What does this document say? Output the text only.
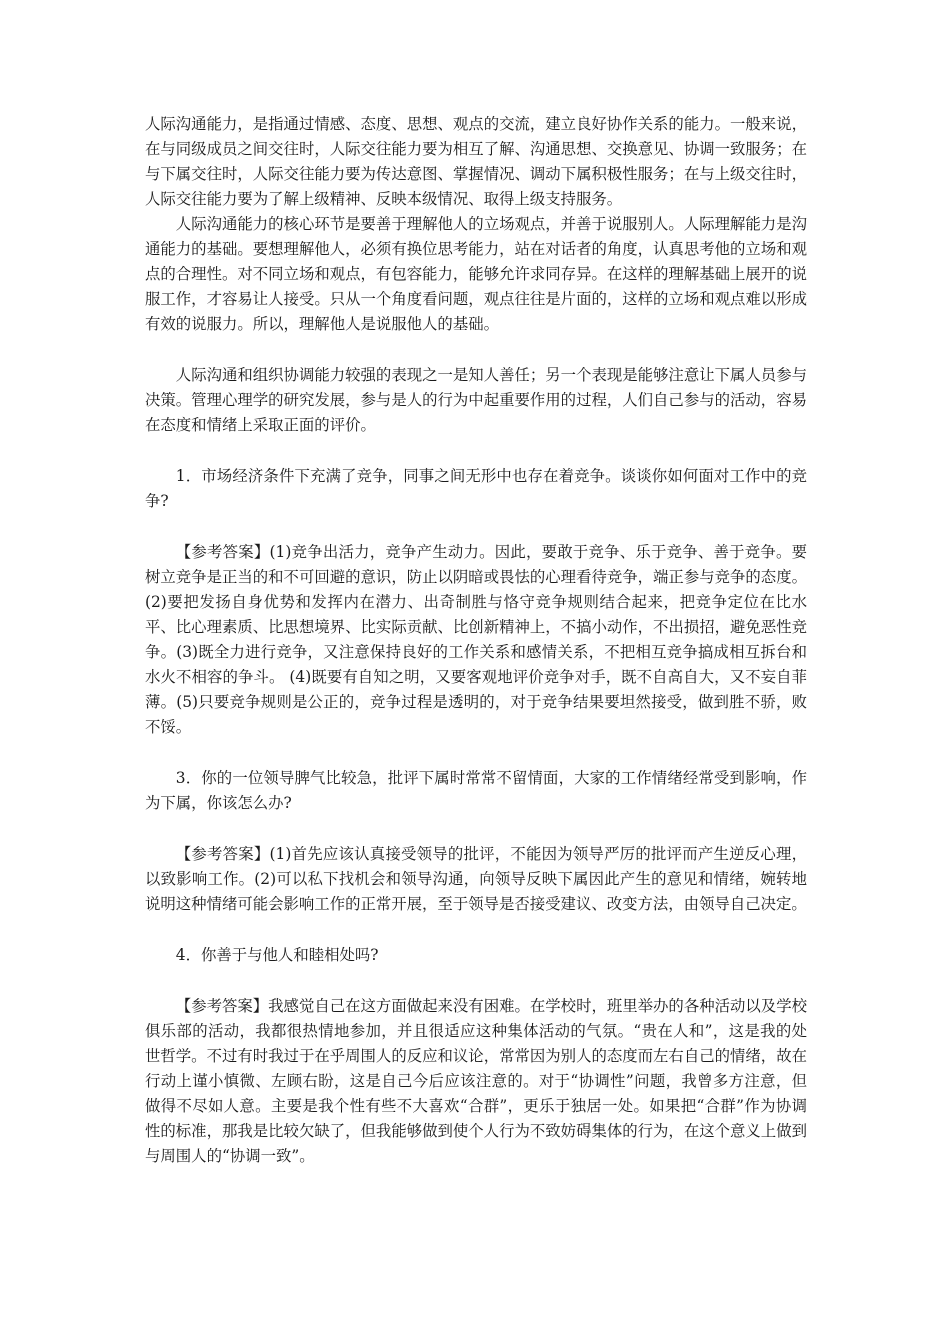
人际沟通能力，是指通过情感、态度、思想、观点的交流，建立良好协作关系的能力。一般来说，在与同级成员之间交往时，人际交往能力要为相互了解、沟通思想、交换意见、协调一致服务；在与下属交往时，人际交往能力要为传达意图、掌握情况、调动下属积极性服务；在与上级交往时，人际交往能力要为了解上级精神、反映本级情况、取得上级支持服务。

人际沟通能力的核心环节是要善于理解他人的立场观点，并善于说服别人。人际理解能力是沟通能力的基础。要想理解他人，必须有换位思考能力，站在对话者的角度，认真思考他的立场和观点的合理性。对不同立场和观点，有包容能力，能够允许求同存异。在这样的理解基础上展开的说服工作，才容易让人接受。只从一个角度看问题，观点往往是片面的，这样的立场和观点难以形成有效的说服力。所以，理解他人是说服他人的基础。

人际沟通和组织协调能力较强的表现之一是知人善任；另一个表现是能够注意让下属人员参与决策。管理心理学的研究发展，参与是人的行为中起重要作用的过程，人们自己参与的活动，容易在态度和情绪上采取正面的评价。

1．市场经济条件下充满了竞争，同事之间无形中也存在着竞争。谈谈你如何面对工作中的竞争?

【参考答案】(1)竞争出活力，竞争产生动力。因此，要敢于竞争、乐于竞争、善于竞争。要树立竞争是正当的和不可回避的意识，防止以阴暗或畏怯的心理看待竞争，端正参与竞争的态度。 (2)要把发扬自身优势和发挥内在潜力、出奇制胜与恪守竞争规则结合起来，把竞争定位在比水平、比心理素质、比思想境界、比实际贡献、比创新精神上，不搞小动作，不出损招，避免恶性竞争。(3)既全力进行竞争，又注意保持良好的工作关系和感情关系，不把相互竞争搞成相互拆台和水火不相容的争斗。 (4)既要有自知之明，又要客观地评价竞争对手，既不自高自大，又不妄自菲薄。(5)只要竞争规则是公正的，竞争过程是透明的，对于竞争结果要坦然接受，做到胜不骄，败不馁。

3．你的一位领导脾气比较急，批评下属时常常不留情面，大家的工作情绪经常受到影响，作为下属，你该怎么办?

【参考答案】(1)首先应该认真接受领导的批评，不能因为领导严厉的批评而产生逆反心理，以致影响工作。(2)可以私下找机会和领导沟通，向领导反映下属因此产生的意见和情绪，婉转地说明这种情绪可能会影响工作的正常开展，至于领导是否接受建议、改变方法，由领导自己决定。

4．你善于与他人和睦相处吗?

【参考答案】我感觉自己在这方面做起来没有困难。在学校时，班里举办的各种活动以及学校俱乐部的活动，我都很热情地参加，并且很适应这种集体活动的气氛。“贵在人和”，这是我的处世哲学。不过有时我过于在乎周围人的反应和议论，常常因为别人的态度而左右自己的情绪，故在行动上谨小慎微、左顾右盼，这是自己今后应该注意的。对于“协调性”问题，我曾多方注意，但做得不尽如人意。主要是我个性有些不大喜欢“合群”，更乐于独居一处。如果把“合群”作为协调性的标准，那我是比较欠缺了，但我能够做到使个人行为不致妨碍集体的行为，在这个意义上做到与周围人的“协调一致”。
